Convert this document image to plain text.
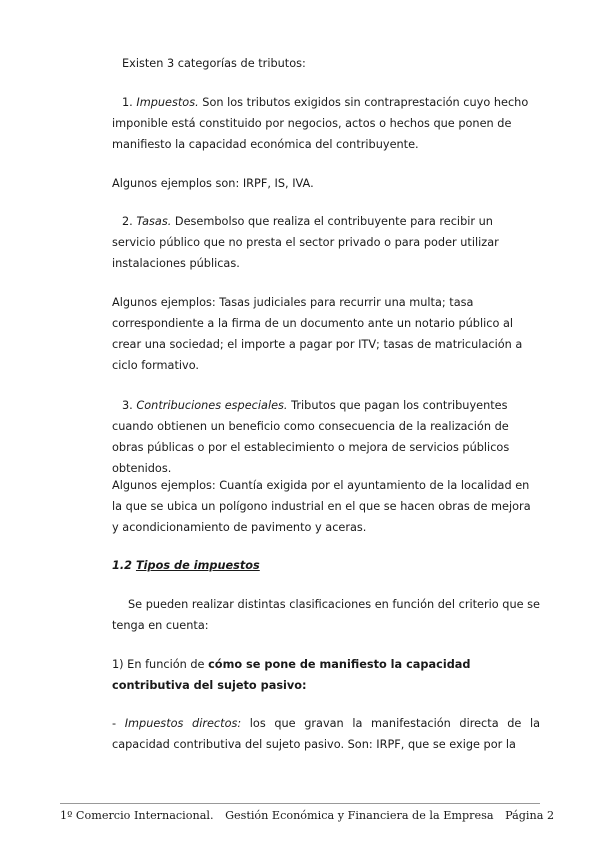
Existen 3 categorías de tributos:

1. Impuestos. Son los tributos exigidos sin contraprestación cuyo hecho imponible está constituido por negocios, actos o hechos que ponen de manifiesto la capacidad económica del contribuyente.

Algunos ejemplos son: IRPF, IS, IVA.

2. Tasas. Desembolso que realiza el contribuyente para recibir un servicio público que no presta el sector privado o para poder utilizar instalaciones públicas.

Algunos ejemplos: Tasas judiciales para recurrir una multa; tasa correspondiente a la firma de un documento ante un notario público al crear una sociedad; el importe a pagar por ITV; tasas de matriculación a ciclo formativo.

3. Contribuciones especiales. Tributos que pagan los contribuyentes cuando obtienen un beneficio como consecuencia de la realización de obras públicas o por el establecimiento o mejora de servicios públicos obtenidos.

Algunos ejemplos: Cuantía exigida por el ayuntamiento de la localidad en la que se ubica un polígono industrial en el que se hacen obras de mejora y acondicionamiento de pavimento y aceras.

1.2 Tipos de impuestos

Se pueden realizar distintas clasificaciones en función del criterio que se tenga en cuenta:

1) En función de cómo se pone de manifiesto la capacidad contributiva del sujeto pasivo:

- Impuestos directos: los que gravan la manifestación directa de la capacidad contributiva del sujeto pasivo. Son: IRPF, que se exige por la

1º Comercio Internacional. Gestión Económica y Financiera de la Empresa Página 2
